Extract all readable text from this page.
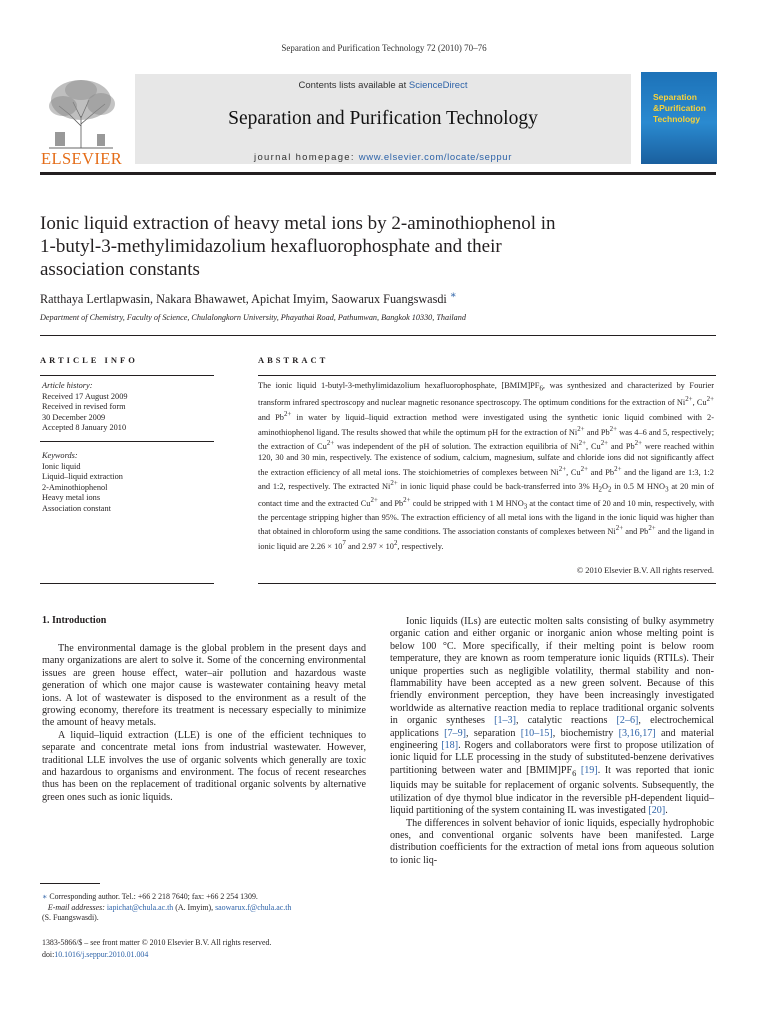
Separation and Purification Technology 72 (2010) 70–76
ELSEVIER
Contents lists available at ScienceDirect
Separation and Purification Technology
journal homepage: www.elsevier.com/locate/seppur
Separation
&Purification
Technology
Ionic liquid extraction of heavy metal ions by 2-aminothiophenol in
1-butyl-3-methylimidazolium hexafluorophosphate and their
association constants
Ratthaya Lertlapwasin, Nakara Bhawawet, Apichat Imyim, Saowarux Fuangswasdi ∗
Department of Chemistry, Faculty of Science, Chulalongkorn University, Phayathai Road, Pathumwan, Bangkok 10330, Thailand
ARTICLE INFO	ABSTRACT
Article history:
Received 17 August 2009
Received in revised form
30 December 2009
Accepted 8 January 2010
Keywords:
Ionic liquid
Liquid–liquid extraction
2-Aminothiophenol
Heavy metal ions
Association constant
The ionic liquid 1-butyl-3-methylimidazolium hexafluorophosphate, $[BMIM]PF_6$, was synthesized and characterized by Fourier transform infrared spectroscopy and nuclear magnetic resonance spectroscopy. The optimum conditions for the extraction of $Ni^{2+}$, $Cu^{2+}$ and $Pb^{2+}$ in water by liquid–liquid extraction method were investigated using the synthetic ionic liquid combined with 2-aminothiophenol ligand. The results showed that while the optimum pH for the extraction of $Ni^{2+}$ and $Pb^{2+}$ was 4–6 and 5, respectively; the extraction of $Cu^{2+}$ was independent of the pH of solution. The extraction equilibria of $Ni^{2+}$, $Cu^{2+}$ and $Pb^{2+}$ were reached within 120, 30 and 30 min, respectively. The existence of sodium, calcium, magnesium, sulfate and chloride ions did not significantly affect the extraction efficiency of all metal ions. The stoichiometries of complexes between $Ni^{2+}$, $Cu^{2+}$ and $Pb^{2+}$ and the ligand are 1:3, 1:2 and 1:2, respectively. The extracted $Ni^{2+}$ in ionic liquid phase could be back-transferred into 3% $H_2O_2$ in 0.5 M $HNO_3$ at 20 min of contact time and the extracted $Cu^{2+}$ and $Pb^{2+}$ could be stripped with 1 M $HNO_3$ at the contact time of 20 and 10 min, respectively, with the percentage stripping higher than 95%. The extraction efficiency of all metal ions with the ligand in the ionic liquid was higher than that obtained in chloroform using the same conditions. The association constants of complexes between $Ni^{2+}$ and $Pb^{2+}$ and the ligand in ionic liquid are $2.26 \times 10^7$ and $2.97 \times 10^2$, respectively.
© 2010 Elsevier B.V. All rights reserved.
1. Introduction

The environmental damage is the global problem in the present days and many organizations are alert to solve it. Some of the concerning environmental issues are green house effect, water–air pollution and hazardous waste generation of which one major cause is wastewater containing heavy metal ions. A lot of wastewater is disposed to the environment as a result of the growing economy, therefore its treatment is necessary especially to minimize the amount of heavy metals.

A liquid–liquid extraction (LLE) is one of the efficient techniques to separate and concentrate metal ions from industrial wastewater. However, traditional LLE involves the use of organic solvents which generally are toxic and hazardous to organisms and environment. The focus of recent researches thus has been on the replacement of traditional organic solvents by alternative green ones such as ionic liquids.

Ionic liquids (ILs) are eutectic molten salts consisting of bulky asymmetry organic cation and either organic or inorganic anion whose melting point is below 100 °C. More specifically, if their melting point is below room temperature, they are known as room temperature ionic liquids (RTILs). Their unique properties such as negligible volatility, thermal stability and non-flammability have been accepted as a new green solvent. Because of this friendly environment perception, they have been increasingly investigated worldwide as alternative reaction media to replace traditional organic solvents in organic syntheses [1–3], catalytic reactions [2–6], electrochemical applications [7–9], separation [10–15], biochemistry [3,16,17] and material engineering [18]. Rogers and collaborators were first to propose utilization of ionic liquid for LLE processing in the study of substituted-benzene derivatives partitioning between water and $[BMIM]PF_6$ [19]. It was reported that ionic liquids may be suitable for replacement of organic solvents. Subsequently, the utilization of dye thymol blue indicator in the reversible pH-dependent liquid–liquid partitioning of the system containing IL was investigated [20].

The differences in solvent behavior of ionic liquids, especially hydrophobic ones, and conventional organic solvents have been manifested. Large distribution coefficients for the extraction of metal ions from aqueous solution to ionic liq-

∗ Corresponding author. Tel.: +66 2 218 7640; fax: +66 2 254 1309.
E-mail addresses: iapichat@chula.ac.th (A. Imyim), saowarux.f@chula.ac.th
(S. Fuangswasdi).
1383-5866/$ – see front matter © 2010 Elsevier B.V. All rights reserved.
doi:10.1016/j.seppur.2010.01.004
